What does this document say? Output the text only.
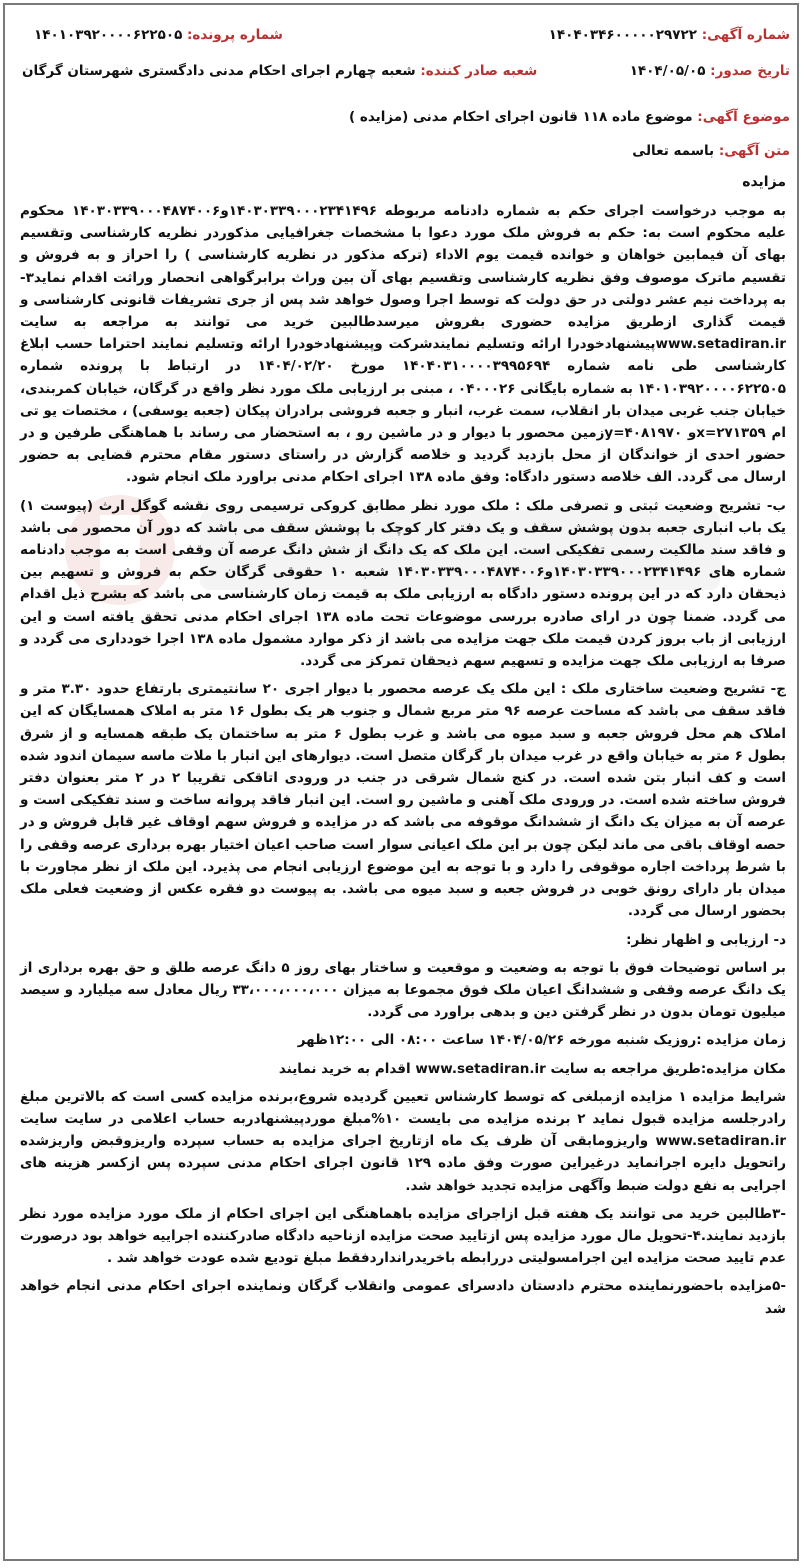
شماره آگهی: ۱۴۰۴۰۳۴۶۰۰۰۰۰۲۹۷۲۲
شماره پرونده: ۱۴۰۱۰۳۹۲۰۰۰۰۶۲۲۵۰۵
تاریخ صدور: ۱۴۰۴/۰۵/۰۵
شعبه صادر کننده: شعبه چهارم اجرای احکام مدنی دادگستری شهرستان گرگان

موضوع آگهی: موضوع ماده ۱۱۸ قانون اجرای احکام مدنی (مزایده )

متن آگهی: باسمه تعالی

مزایده

به موجب درخواست اجرای حکم به شماره دادنامه مربوطه ۱۴۰۳۰۳۳۹۰۰۰۲۳۴۱۴۹۶و۱۴۰۳۰۳۳۹۰۰۰۴۸۷۴۰۰۶ محکوم علیه محکوم است به: حکم به فروش ملک مورد دعوا با مشخصات جغرافیایی مذکوردر نظریه کارشناسی وتقسیم بهای آن فیمابین خواهان و خوانده قیمت یوم الاداء (ترکه مذکور در نظریه کارشناسی ) را احراز و به فروش و تقسیم ماترک موصوف وفق نظریه کارشناسی وتقسیم بهای آن بین وراث برابرگواهی انحصار وراثت اقدام نماید۳- به پرداخت نیم عشر دولتی در حق دولت که توسط اجرا وصول خواهد شد پس از جری تشریفات قانونی کارشناسی و قیمت گذاری ازطریق مزایده حضوری بفروش میرسدطالبین خرید می توانند به مراجعه به سایت www.setadiran.irپیشنهادخودرا ارائه وتسلیم نمایندشرکت وپیشنهادخودرا ارائه وتسلیم نمایند احتراما حسب ابلاغ کارشناسی طی نامه شماره ۱۴۰۴۰۳۱۰۰۰۰۳۹۹۵۶۹۴ مورخ ۱۴۰۴/۰۲/۲۰ در ارتباط با پرونده شماره ۱۴۰۱۰۳۹۲۰۰۰۰۶۲۲۵۰۵ به شماره بایگانی ۰۴۰۰۰۲۶ ، مبنی بر ارزیابی ملک مورد نظر واقع در گرگان، خیابان کمربندی، خیابان جنب غربی میدان بار انقلاب، سمت غرب، انبار و جعبه فروشی برادران پیکان (جعبه یوسفی) ، مختصات یو تی ام x=۲۷۱۳۵۹و y=۴۰۸۱۹۷۰زمین محصور با دیوار و در ماشین رو ، به استحضار می رساند با هماهنگی طرفین و در حضور احدی از خواندگان از محل بازدید گردید و خلاصه گزارش در راستای دستور مقام محترم قضایی به حضور ارسال می گردد. الف خلاصه دستور دادگاه: وفق ماده ۱۳۸ اجرای احکام مدنی براورد ملک انجام شود.

ب- تشریح وضعیت ثبتی و تصرفی ملک : ملک مورد نظر مطابق کروکی ترسیمی روی نقشه گوگل ارث (پیوست ۱) یک باب انباری جعبه بدون پوشش سقف و یک دفتر کار کوچک با پوشش سقف می باشد که دور آن محصور می باشد و فاقد سند مالکیت رسمی تفکیکی است. این ملک که یک دانگ از شش دانگ عرصه آن وقفی است به موجب دادنامه شماره های ۱۴۰۳۰۳۳۹۰۰۰۲۳۴۱۴۹۶و۱۴۰۳۰۳۳۹۰۰۰۴۸۷۴۰۰۶ شعبه ۱۰ حقوقی گرگان حکم به فروش و تسهیم بین ذیحقان دارد که در این پرونده دستور دادگاه به ارزیابی ملک به قیمت زمان کارشناسی می باشد که بشرح ذیل اقدام می گردد. ضمنا چون در ارای صادره بررسی موضوعات تحت ماده ۱۳۸ اجرای احکام مدنی تحقق یافته است و این ارزیابی از باب بروز کردن قیمت ملک جهت مزایده می باشد از ذکر موارد مشمول ماده ۱۳۸ اجرا خودداری می گردد و صرفا به ارزیابی ملک جهت مزایده و تسهیم سهم ذیحقان تمرکز می گردد.

ج- تشریح وضعیت ساختاری ملک : این ملک یک عرصه محصور با دیوار اجری ۲۰ سانتیمتری بارتفاع حدود ۳.۳۰ متر و فاقد سقف می باشد که مساحت عرصه ۹۶ متر مربع شمال و جنوب هر یک بطول ۱۶ متر به املاک همسایگان که این املاک هم محل فروش جعبه و سبد میوه می باشد و غرب بطول ۶ متر به ساختمان یک طبقه همسایه و از شرق بطول ۶ متر به خیابان واقع در غرب میدان بار گرگان متصل است. دیوارهای این انبار با ملات ماسه سیمان اندود شده است و کف انبار بتن شده است. در کنج شمال شرقی در جنب در ورودی اتاقکی تقریبا ۲ در ۲ متر بعنوان دفتر فروش ساخته شده است. در ورودی ملک آهنی و ماشین رو است. این انبار فاقد پروانه ساخت و سند تفکیکی است و عرصه آن به میزان یک دانگ از ششدانگ موقوفه می باشد که در مزایده و فروش سهم اوقاف غیر قابل فروش و در حصه اوقاف باقی می ماند لیکن چون بر این ملک اعیانی سوار است صاحب اعیان اختیار بهره برداری عرصه وقفی را با شرط پرداخت اجاره موقوفی را دارد و با توجه به این موضوع ارزیابی انجام می پذیرد. این ملک از نظر مجاورت با میدان بار دارای رونق خوبی در فروش جعبه و سبد میوه می باشد. به پیوست دو فقره عکس از وضعیت فعلی ملک بحضور ارسال می گردد.

د- ارزیابی و اظهار نظر:

بر اساس توضیحات فوق با توجه به وضعیت و موقعیت و ساختار بهای روز ۵ دانگ عرصه طلق و حق بهره برداری از یک دانگ عرصه وقفی و ششدانگ اعیان ملک فوق مجموعا به میزان ۳۳،۰۰۰،۰۰۰،۰۰۰ ریال معادل سه میلیارد و سیصد میلیون تومان بدون در نظر گرفتن دین و بدهی براورد می گردد.

زمان مزایده :روزیک شنبه مورخه ۱۴۰۴/۰۵/۲۶ ساعت ۰۸:۰۰ الی ۱۲:۰۰ظهر

مکان مزایده:طریق مراجعه به سایت www.setadiran.ir اقدام به خرید نمایند

شرایط مزایده ۱ مزایده ازمبلغی که توسط کارشناس تعیین گردیده شروع،برنده مزایده کسی است که بالاترین مبلغ رادرجلسه مزایده قبول نماید ۲ برنده مزایده می بایست ۱۰%مبلغ موردپیشنهادربه حساب اعلامی در سایت سایت www.setadiran.ir واریزومابقی آن ظرف یک ماه ازتاریخ اجرای مزایده به حساب سپرده واریزوقبض واریزشده راتحویل دایره اجرانماید درغیراین صورت وفق ماده ۱۲۹ قانون اجرای احکام مدنی سپرده پس ازکسر هزینه های اجرایی به نفع دولت ضبط وآگهی مزایده تجدید خواهد شد.

-۳طالبین خرید می توانند یک هفته قبل ازاجرای مزایده باهماهنگی این اجرای احکام از ملک مورد مزایده مورد نظر بازدید نمایند.۴-تحویل مال مورد مزایده پس ازتایید صحت مزایده ازناحیه دادگاه صادرکننده اجراییه خواهد بود درصورت عدم تایید صحت مزایده این اجرامسولیتی دررابطه باخریدرانداردفقط مبلغ تودیع شده عودت خواهد شد .

-۵مزایده باحضورنماینده محترم دادستان دادسرای عمومی وانقلاب گرگان ونماینده اجرای احکام مدنی انجام خواهد شد
